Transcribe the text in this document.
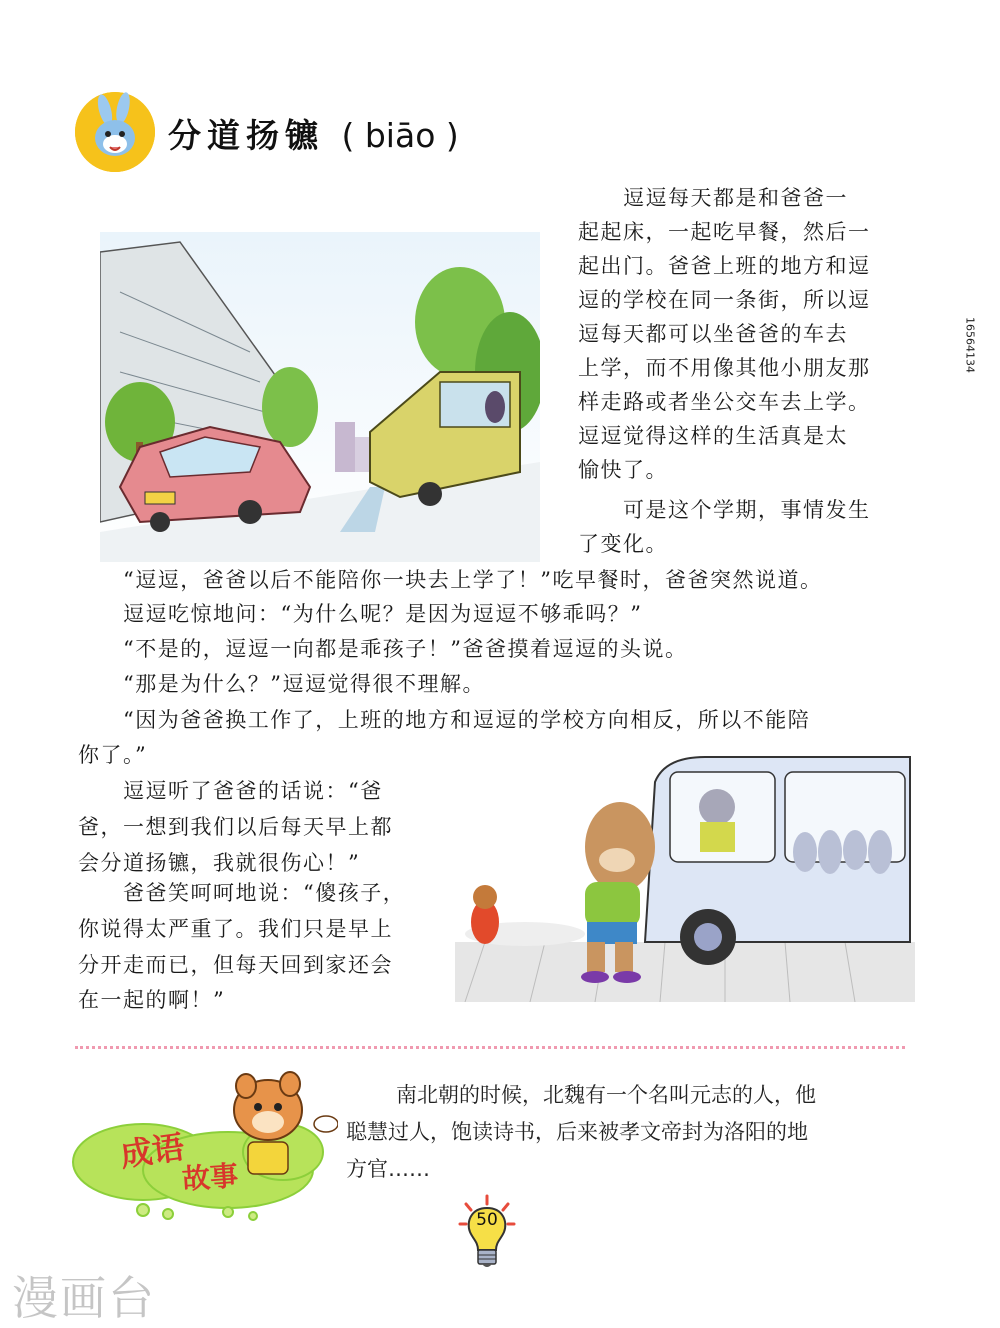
分道扬镳 ( biāo )
16564134
　　逗逗每天都是和爸爸一
起起床，一起吃早餐，然后一
起出门。爸爸上班的地方和逗
逗的学校在同一条街，所以逗
逗每天都可以坐爸爸的车去
上学，而不用像其他小朋友那
样走路或者坐公交车去上学。
逗逗觉得这样的生活真是太
愉快了。
　　可是这个学期，事情发生
了变化。
　　“逗逗，爸爸以后不能陪你一块去上学了！”吃早餐时，爸爸突然说道。
　　逗逗吃惊地问：“为什么呢？是因为逗逗不够乖吗？”
　　“不是的，逗逗一向都是乖孩子！”爸爸摸着逗逗的头说。
　　“那是为什么？”逗逗觉得很不理解。
　　“因为爸爸换工作了，上班的地方和逗逗的学校方向相反，所以不能陪
你了。”
　　逗逗听了爸爸的话说：“爸
爸，一想到我们以后每天早上都
会分道扬镳，我就很伤心！”
　　爸爸笑呵呵地说：“傻孩子，
你说得太严重了。我们只是早上
分开走而已，但每天回到家还会
在一起的啊！”
成语
故事
南北朝的时候，北魏有一个名叫元志的人，他
聪慧过人，饱读诗书，后来被孝文帝封为洛阳的地
方官……
50
漫画台
